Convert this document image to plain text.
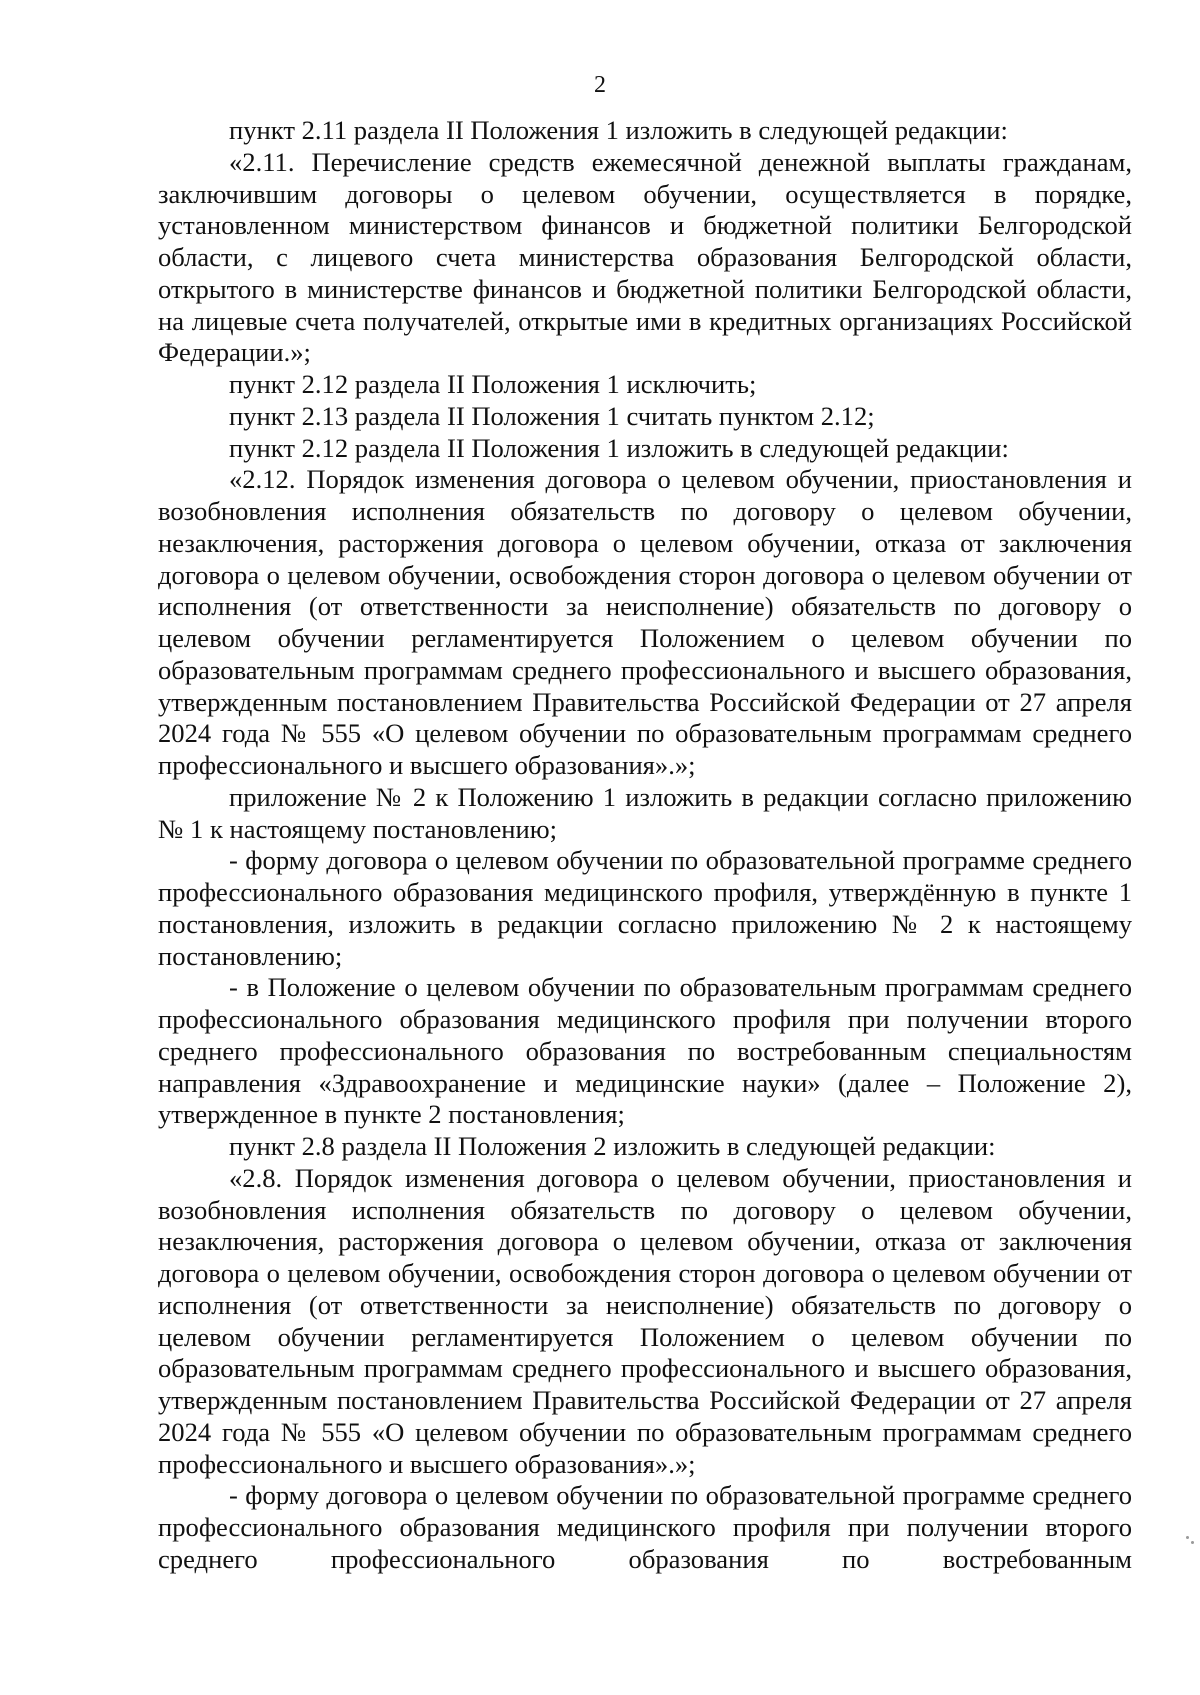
2

пункт 2.11 раздела II Положения 1 изложить в следующей редакции:

«2.11. Перечисление средств ежемесячной денежной выплаты гражданам, заключившим договоры о целевом обучении, осуществляется в порядке, установленном министерством финансов и бюджетной политики Белгородской области, с лицевого счета министерства образования Белгородской области, открытого в министерстве финансов и бюджетной политики Белгородской области, на лицевые счета получателей, открытые ими в кредитных организациях Российской Федерации.»;

пункт 2.12 раздела II Положения 1 исключить;

пункт 2.13 раздела II Положения 1 считать пунктом 2.12;

пункт 2.12 раздела II Положения 1 изложить в следующей редакции:

«2.12. Порядок изменения договора о целевом обучении, приостановления и возобновления исполнения обязательств по договору о целевом обучении, незаключения, расторжения договора о целевом обучении, отказа от заключения договора о целевом обучении, освобождения сторон договора о целевом обучении от исполнения (от ответственности за неисполнение) обязательств по договору о целевом обучении регламентируется Положением о целевом обучении по образовательным программам среднего профессионального и высшего образования, утвержденным постановлением Правительства Российской Федерации от 27 апреля 2024 года № 555 «О целевом обучении по образовательным программам среднего профессионального и высшего образования».»;

приложение № 2 к Положению 1 изложить в редакции согласно приложению № 1 к настоящему постановлению;

- форму договора о целевом обучении по образовательной программе среднего профессионального образования медицинского профиля, утверждённую в пункте 1 постановления, изложить в редакции согласно приложению № 2 к настоящему постановлению;

- в Положение о целевом обучении по образовательным программам среднего профессионального образования медицинского профиля при получении второго среднего профессионального образования по востребованным специальностям направления «Здравоохранение и медицинские науки» (далее – Положение 2), утвержденное в пункте 2 постановления;

пункт 2.8 раздела II Положения 2 изложить в следующей редакции:

«2.8. Порядок изменения договора о целевом обучении, приостановления и возобновления исполнения обязательств по договору о целевом обучении, незаключения, расторжения договора о целевом обучении, отказа от заключения договора о целевом обучении, освобождения сторон договора о целевом обучении от исполнения (от ответственности за неисполнение) обязательств по договору о целевом обучении регламентируется Положением о целевом обучении по образовательным программам среднего профессионального и высшего образования, утвержденным постановлением Правительства Российской Федерации от 27 апреля 2024 года № 555 «О целевом обучении по образовательным программам среднего профессионального и высшего образования».»;

- форму договора о целевом обучении по образовательной программе среднего профессионального образования медицинского профиля при получении второго среднего профессионального образования по востребованным
